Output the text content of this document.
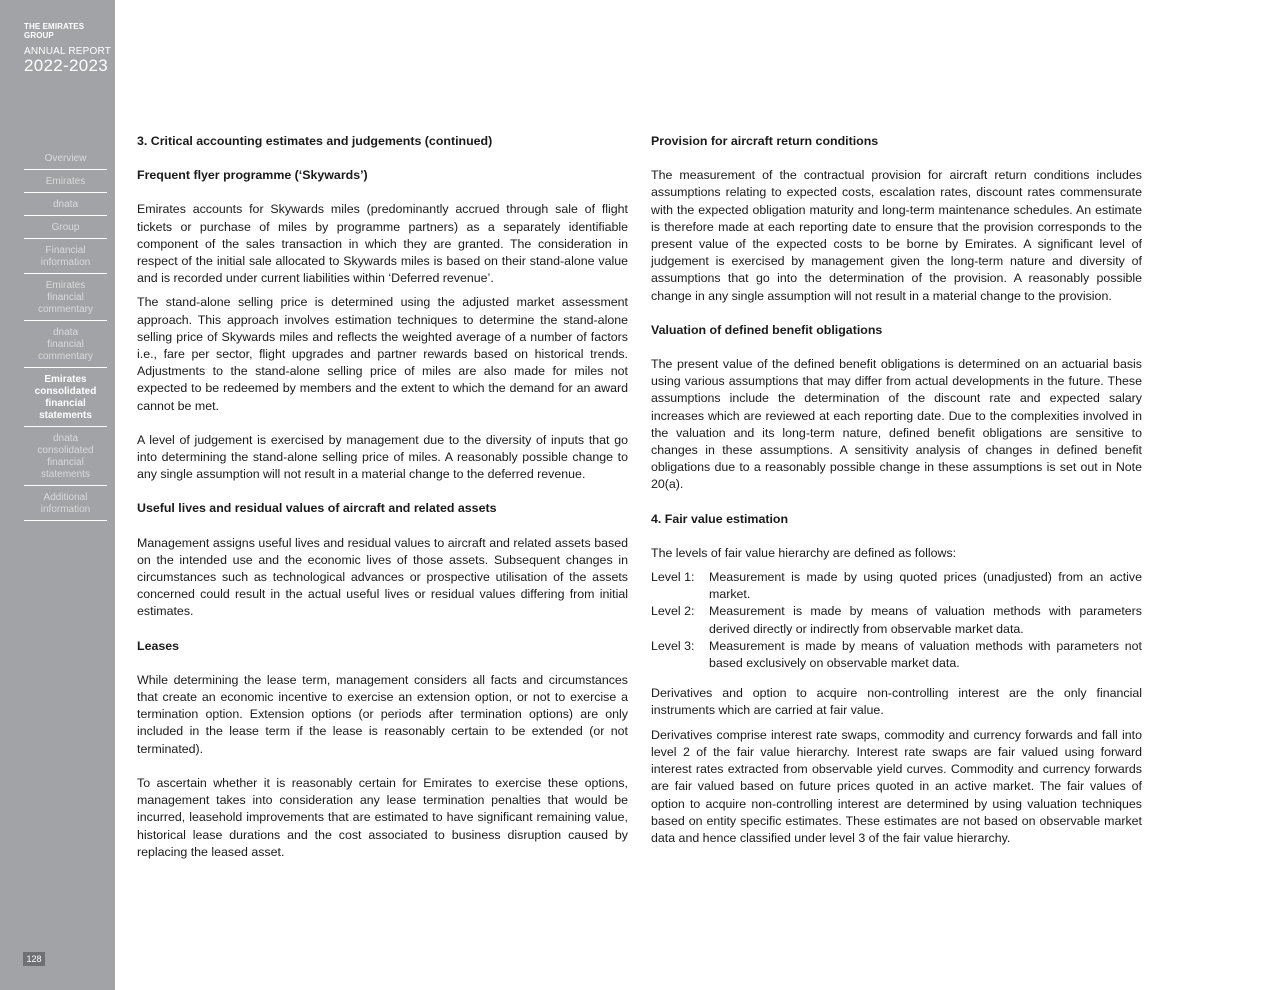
THE EMIRATES GROUP
ANNUAL REPORT
2022-2023
Overview
Emirates
dnata
Group
Financial
information
Emirates
financial
commentary
dnata
financial
commentary
Emirates
consolidated
financial
statements
dnata
consolidated
financial
statements
Additional
information
128
3. Critical accounting estimates and judgements (continued)
Frequent flyer programme (‘Skywards’)

Emirates accounts for Skywards miles (predominantly accrued through sale of flight tickets or purchase of miles by programme partners) as a separately identifiable component of the sales transaction in which they are granted. The consideration in respect of the initial sale allocated to Skywards miles is based on their stand-alone value and is recorded under current liabilities within ‘Deferred revenue’.

The stand-alone selling price is determined using the adjusted market assessment approach. This approach involves estimation techniques to determine the stand-alone selling price of Skywards miles and reflects the weighted average of a number of factors i.e., fare per sector, flight upgrades and partner rewards based on historical trends. Adjustments to the stand-alone selling price of miles are also made for miles not expected to be redeemed by members and the extent to which the demand for an award cannot be met.

A level of judgement is exercised by management due to the diversity of inputs that go into determining the stand-alone selling price of miles. A reasonably possible change to any single assumption will not result in a material change to the deferred revenue.

Useful lives and residual values of aircraft and related assets

Management assigns useful lives and residual values to aircraft and related assets based on the intended use and the economic lives of those assets. Subsequent changes in circumstances such as technological advances or prospective utilisation of the assets concerned could result in the actual useful lives or residual values differing from initial estimates.

Leases

While determining the lease term, management considers all facts and circumstances that create an economic incentive to exercise an extension option, or not to exercise a termination option. Extension options (or periods after termination options) are only included in the lease term if the lease is reasonably certain to be extended (or not terminated).

To ascertain whether it is reasonably certain for Emirates to exercise these options, management takes into consideration any lease termination penalties that would be incurred, leasehold improvements that are estimated to have significant remaining value, historical lease durations and the cost associated to business disruption caused by replacing the leased asset.

Provision for aircraft return conditions

The measurement of the contractual provision for aircraft return conditions includes assumptions relating to expected costs, escalation rates, discount rates commensurate with the expected obligation maturity and long-term maintenance schedules. An estimate is therefore made at each reporting date to ensure that the provision corresponds to the present value of the expected costs to be borne by Emirates. A significant level of judgement is exercised by management given the long-term nature and diversity of assumptions that go into the determination of the provision. A reasonably possible change in any single assumption will not result in a material change to the provision.

Valuation of defined benefit obligations

The present value of the defined benefit obligations is determined on an actuarial basis using various assumptions that may differ from actual developments in the future. These assumptions include the determination of the discount rate and expected salary increases which are reviewed at each reporting date. Due to the complexities involved in the valuation and its long-term nature, defined benefit obligations are sensitive to changes in these assumptions. A sensitivity analysis of changes in defined benefit obligations due to a reasonably possible change in these assumptions is set out in Note 20(a).

4. Fair value estimation

The levels of fair value hierarchy are defined as follows:

Level 1:	Measurement is made by using quoted prices (unadjusted) from an active market.
Level 2:	Measurement is made by means of valuation methods with parameters derived directly or indirectly from observable market data.
Level 3:	Measurement is made by means of valuation methods with parameters not based exclusively on observable market data.

Derivatives and option to acquire non-controlling interest are the only financial instruments which are carried at fair value.

Derivatives comprise interest rate swaps, commodity and currency forwards and fall into level 2 of the fair value hierarchy. Interest rate swaps are fair valued using forward interest rates extracted from observable yield curves. Commodity and currency forwards are fair valued based on future prices quoted in an active market. The fair values of option to acquire non-controlling interest are determined by using valuation techniques based on entity specific estimates. These estimates are not based on observable market data and hence classified under level 3 of the fair value hierarchy.
